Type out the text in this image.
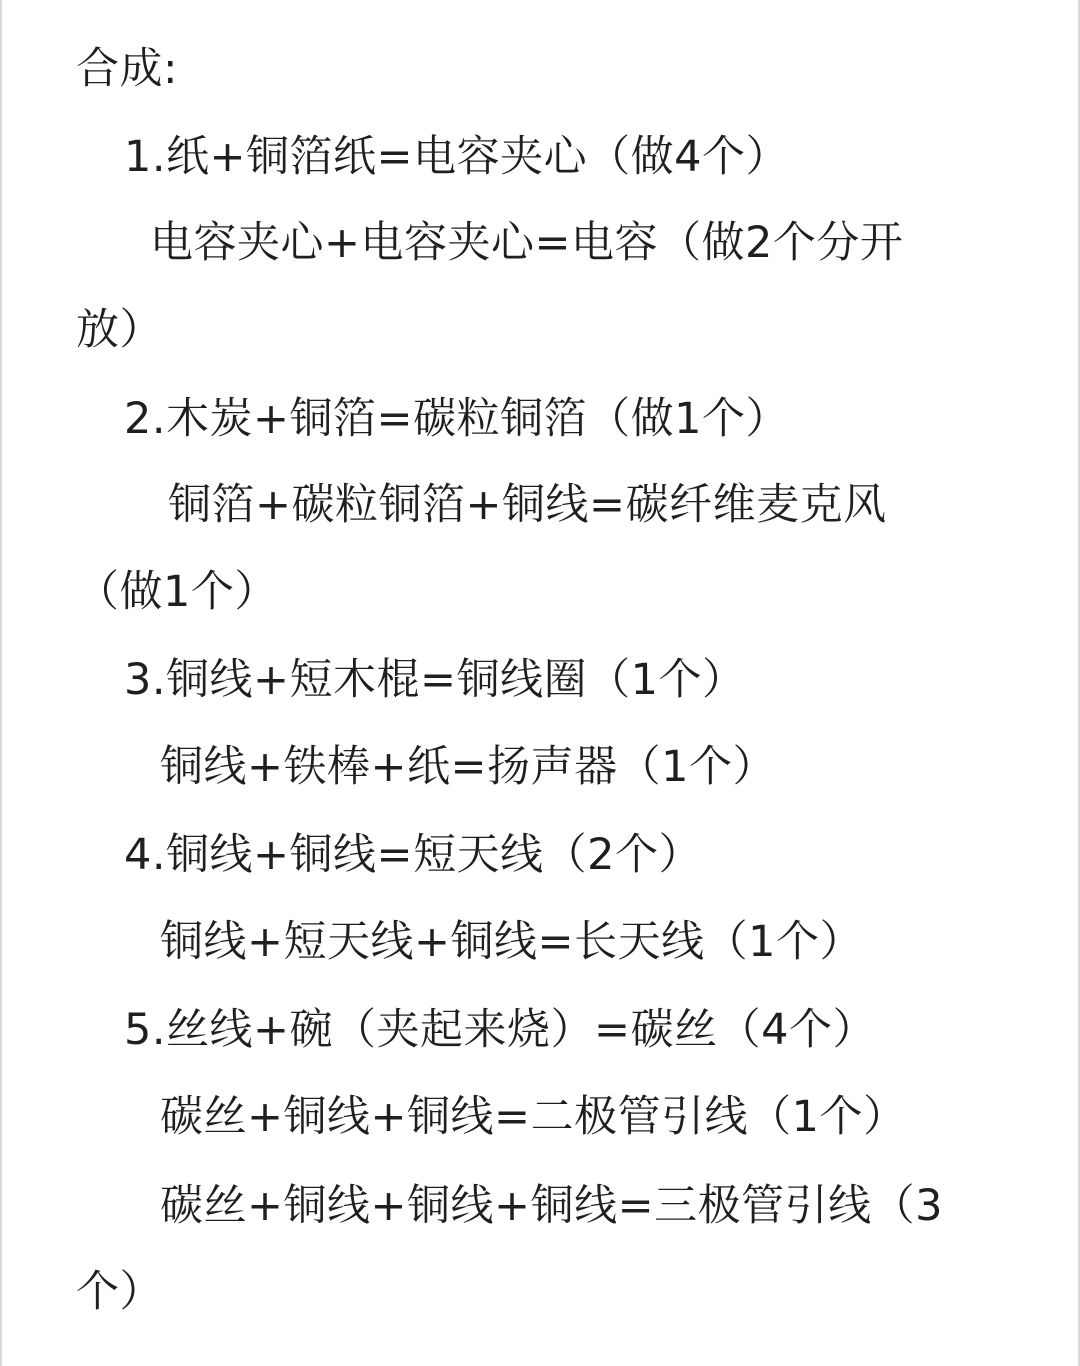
合成:
1.纸+铜箔纸=电容夹心（做4个）
电容夹心+电容夹心=电容（做2个分开
放）
2.木炭+铜箔=碳粒铜箔（做1个）
铜箔+碳粒铜箔+铜线=碳纤维麦克风
（做1个）
3.铜线+短木棍=铜线圈（1个）
铜线+铁棒+纸=扬声器（1个）
4.铜线+铜线=短天线（2个）
铜线+短天线+铜线=长天线（1个）
5.丝线+碗（夹起来烧）=碳丝（4个）
碳丝+铜线+铜线=二极管引线（1个）
碳丝+铜线+铜线+铜线=三极管引线（3
个）
